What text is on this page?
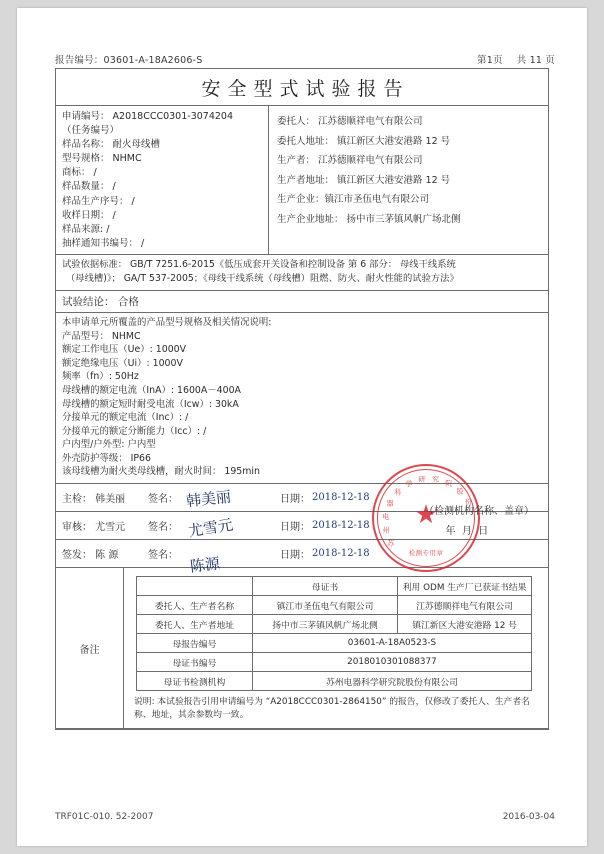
报告编号：03601-A-18A2606-S	第1页 共 11 页
安全型式试验报告
申请编号： A2018CCC0301-3074204
（任务编号）
样品名称： 耐火母线槽
型号规格： NHMC
商标： /
样品数量： /
样品生产序号： /
收样日期： /
样品来源: /
抽样通知书编号： /
委托人： 江苏德顺祥电气有限公司
委托人地址： 镇江新区大港安港路 12 号
生产者： 江苏德顺祥电气有限公司
生产者地址： 镇江新区大港安港路 12 号
生产企业：镇江市圣伍电气有限公司
生产企业地址： 扬中市三茅镇风帆广场北侧
试验依据标准： GB/T 7251.6-2015《低压成套开关设备和控制设备 第 6 部分： 母线干线系统
（母线槽)》； GA/T 537-2005；《母线干线系统（母线槽）阻燃、防火、耐火性能的试验方法》
试验结论： 合格
本申请单元所覆盖的产品型号规格及相关情况说明:
产品型号： NHMC
额定工作电压（Ue）: 1000V
额定绝缘电压（Ui）: 1000V
频率（fn）: 50Hz
母线槽的额定电流（InA）: 1600A－400A
母线槽的额定短时耐受电流（Icw）: 30kA
分接单元的额定电流（Inc）: /
分接单元的额定分断能力（Icc）: /
户内型/户外型: 户内型
外壳防护等级： IP66
该母线槽为耐火类母线槽，耐火时间： 195min
主检： 韩美丽	签名： 韩美丽	日期： 2018-12-18
审核： 尤雪元	签名： 尤雪元	日期： 2018-12-18
签发： 陈 源	签名： 陈源	日期： 2018-12-18
★
苏
州
电
器
科
学
研 究
院
股
份
检测专用章
（检测机构名称、盖章）
年 月 日
备注
	母证书	利用 ODM 生产厂已获证书结果
委托人、生产者名称	镇江市圣伍电气有限公司	江苏德顺祥电气有限公司
委托人、生产者地址	扬中市三茅镇风帆广场北侧	镇江新区大港安港路 12 号
母报告编号	03601-A-18A0523-S	
母证书编号	2018010301088377	
母证书检测机构	苏州电器科学研究院股份有限公司	
说明: 本试验报告引用申请编号为 “A2018CCC0301-2864150” 的报告，仅修改了委托人、生产者名
称、地址，其余参数均一致。
TRF01C-010. 52-2007	2016-03-04
